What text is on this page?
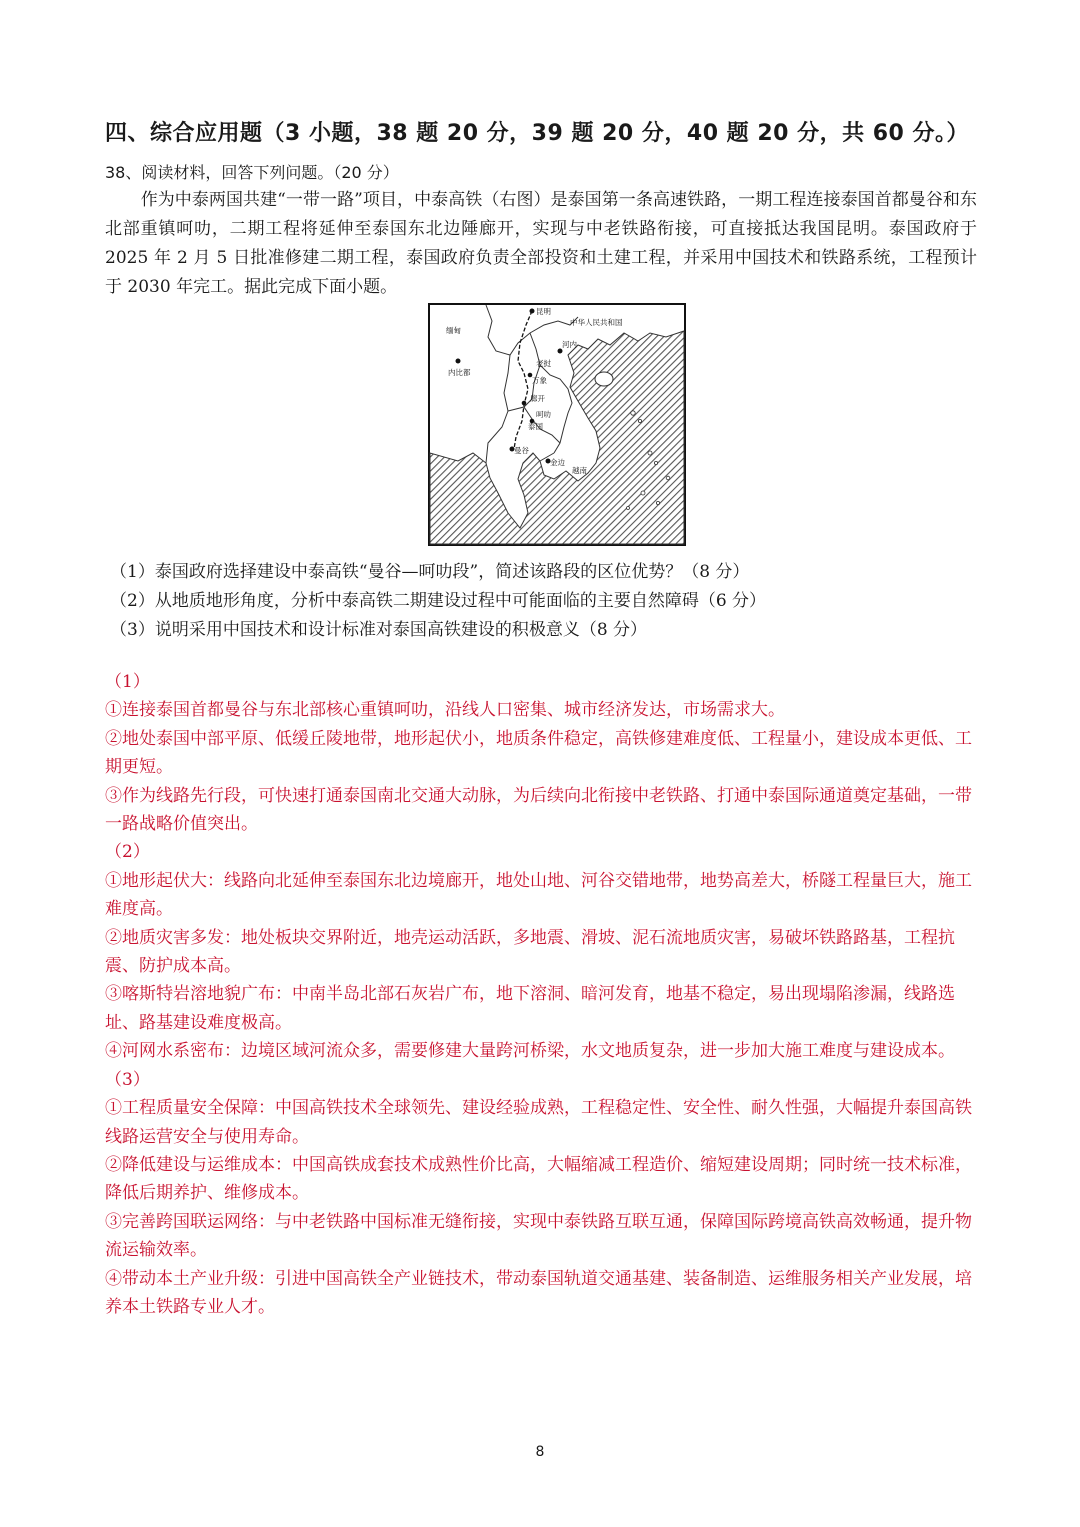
四、综合应用题（3 小题，38 题 20 分，39 题 20 分，40 题 20 分，共 60 分。）
38、阅读材料，回答下列问题。（20 分）

作为中泰两国共建“一带一路”项目，中泰高铁（右图）是泰国第一条高速铁路，一期工程连接泰国首都曼谷和东北部重镇呵叻，二期工程将延伸至泰国东北边陲廊开，实现与中老铁路衔接，可直接抵达我国昆明。泰国政府于 2025 年 2 月 5 日批准修建二期工程，泰国政府负责全部投资和土建工程，并采用中国技术和铁路系统，工程预计于 2030 年完工。据此完成下面小题。

昆明
中华人民共和国
缅甸
河内
内比都
老挝
万象
廊开
泰国
曼谷
呵叻
金边
越南
（1）泰国政府选择建设中泰高铁“曼谷—呵叻段”，简述该路段的区位优势？（8 分）
（2）从地质地形角度，分析中泰高铁二期建设过程中可能面临的主要自然障碍（6 分）
（3）说明采用中国技术和设计标准对泰国高铁建设的积极意义（8 分）

（1）

①连接泰国首都曼谷与东北部核心重镇呵叻，沿线人口密集、城市经济发达，市场需求大。

②地处泰国中部平原、低缓丘陵地带，地形起伏小，地质条件稳定，高铁修建难度低、工程量小，建设成本更低、工期更短。

③作为线路先行段，可快速打通泰国南北交通大动脉，为后续向北衔接中老铁路、打通中泰国际通道奠定基础，一带一路战略价值突出。

（2）

①地形起伏大：线路向北延伸至泰国东北边境廊开，地处山地、河谷交错地带，地势高差大，桥隧工程量巨大，施工难度高。

②地质灾害多发：地处板块交界附近，地壳运动活跃，多地震、滑坡、泥石流地质灾害，易破坏铁路路基，工程抗震、防护成本高。

③喀斯特岩溶地貌广布：中南半岛北部石灰岩广布，地下溶洞、暗河发育，地基不稳定，易出现塌陷渗漏，线路选址、路基建设难度极高。

④河网水系密布：边境区域河流众多，需要修建大量跨河桥梁，水文地质复杂，进一步加大施工难度与建设成本。

（3）

①工程质量安全保障：中国高铁技术全球领先、建设经验成熟，工程稳定性、安全性、耐久性强，大幅提升泰国高铁线路运营安全与使用寿命。

②降低建设与运维成本：中国高铁成套技术成熟性价比高，大幅缩减工程造价、缩短建设周期；同时统一技术标准，降低后期养护、维修成本。

③完善跨国联运网络：与中老铁路中国标准无缝衔接，实现中泰铁路互联互通，保障国际跨境高铁高效畅通，提升物流运输效率。

④带动本土产业升级：引进中国高铁全产业链技术，带动泰国轨道交通基建、装备制造、运维服务相关产业发展，培养本土铁路专业人才。

8
